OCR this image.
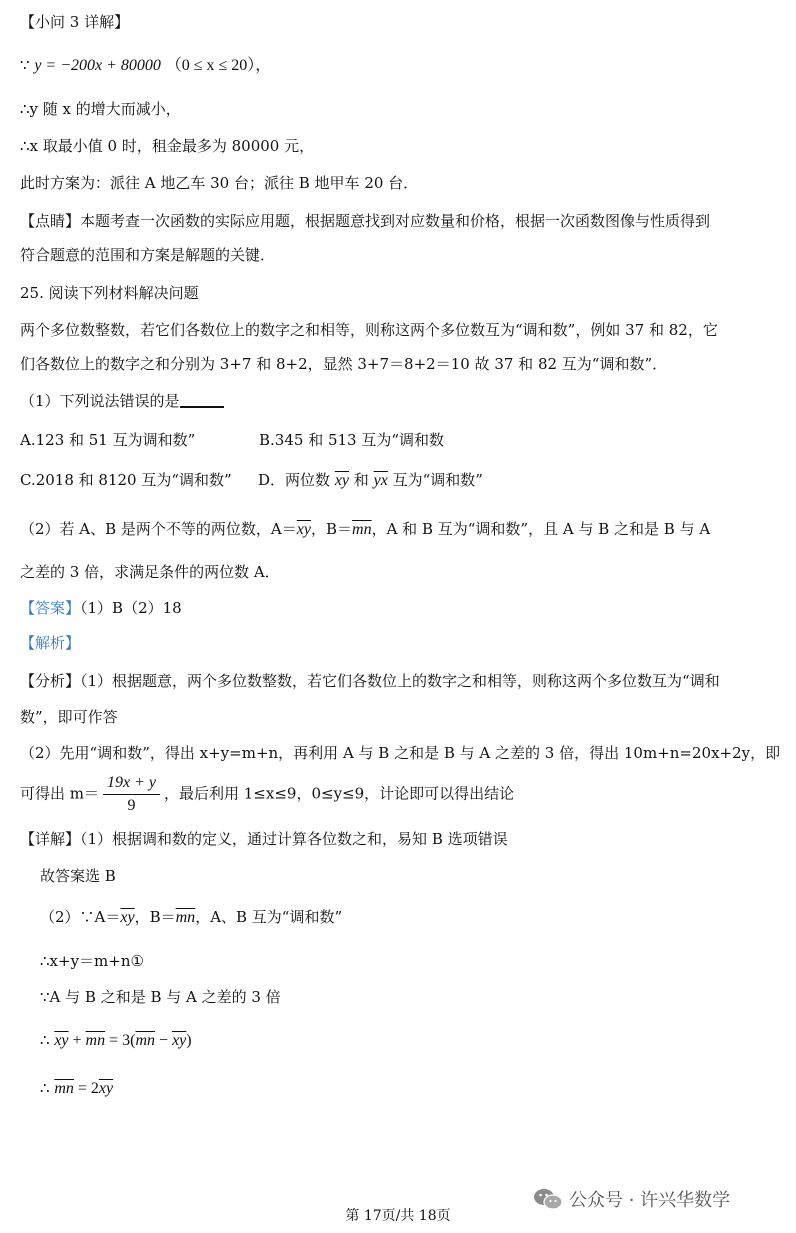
【小问 3 详解】
∵ y = −200x + 80000 （0 ≤ x ≤ 20），
∴y 随 x 的增大而减小，
∴x 取最小值 0 时，租金最多为 80000 元，
此时方案为：派往 A 地乙车 30 台；派往 B 地甲车 20 台．
【点睛】本题考查一次函数的实际应用题，根据题意找到对应数量和价格，根据一次函数图像与性质得到
符合题意的范围和方案是解题的关键．
25. 阅读下列材料解决问题
两个多位数整数，若它们各数位上的数字之和相等，则称这两个多位数互为“调和数”，例如 37 和 82，它
们各数位上的数字之和分别为 3+7 和 8+2，显然 3+7＝8+2＝10 故 37 和 82 互为“调和数”．
（1）下列说法错误的是
A.123 和 51 互为调和数”	B.345 和 513 互为“调和数
C.2018 和 8120 互为“调和数” D．两位数 $\overline{xy}$ 和 $\overline{yx}$ 互为“调和数”
（2）若 A、B 是两个不等的两位数，$A=\overline{xy}$，$B=\overline{mn}$，A 和 B 互为“调和数”，且 A 与 B 之和是 B 与 A
之差的 3 倍，求满足条件的两位数 A．
【答案】（1）B（2）18
【解析】
【分析】（1）根据题意，两个多位数整数，若它们各数位上的数字之和相等，则称这两个多位数互为“调和
数”，即可作答
（2）先用“调和数”，得出 x+y=m+n，再利用 A 与 B 之和是 B 与 A 之差的 3 倍，得出 10m+n=20x+2y，即
可得出 $m= \frac{19x + y}{9}$ ，最后利用 1≤x≤9，0≤y≤9，计论即可以得出结论
【详解】（1）根据调和数的定义，通过计算各位数之和，易知 B 选项错误
故答案选 B
$(2)\because A=\overline{xy}$，$B=\overline{mn}$，A、B 互为“调和数”
∴x+y＝m+n①
∵A 与 B 之和是 B 与 A 之差的 3 倍
∴ $\overline{xy} + \overline{mn} = 3(\overline{mn} - \overline{xy})$
∴ $\overline{mn} = 2\overline{xy}$
公众号 · 许兴华数学
第 17页/共 18页
